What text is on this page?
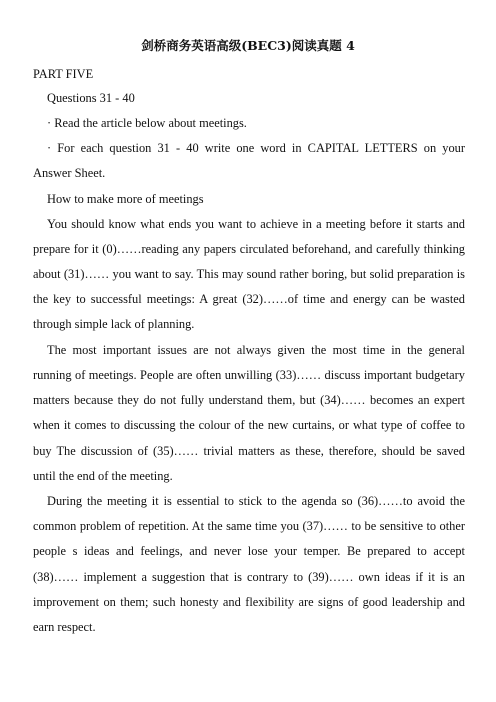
剑桥商务英语高级(BEC3)阅读真题 4
PART FIVE
Questions 31 - 40
· Read the article below about meetings.
· For each question 31 - 40 write one word in CAPITAL LETTERS on your
Answer Sheet.
How to make more of meetings
You should know what ends you want to achieve in a meeting before it starts and
prepare for it (0)……reading any papers circulated beforehand, and carefully thinking
about (31)…… you want to say. This may sound rather boring, but solid preparation is
the key to successful meetings: A great (32)……of time and energy can be wasted
through simple lack of planning.
The most important issues are not always given the most time in the general
running of meetings. People are often unwilling (33)…… discuss important budgetary
matters because they do not fully understand them, but (34)…… becomes an expert
when it comes to discussing the colour of the new curtains, or what type of coffee to
buy The discussion of (35)…… trivial matters as these, therefore, should be saved
until the end of the meeting.
During the meeting it is essential to stick to the agenda so (36)……to avoid the
common problem of repetition. At the same time you (37)…… to be sensitive to other
people s ideas and feelings, and never lose your temper. Be prepared to accept
(38)…… implement a suggestion that is contrary to (39)…… own ideas if it is an
improvement on them; such honesty and flexibility are signs of good leadership and
earn respect.
